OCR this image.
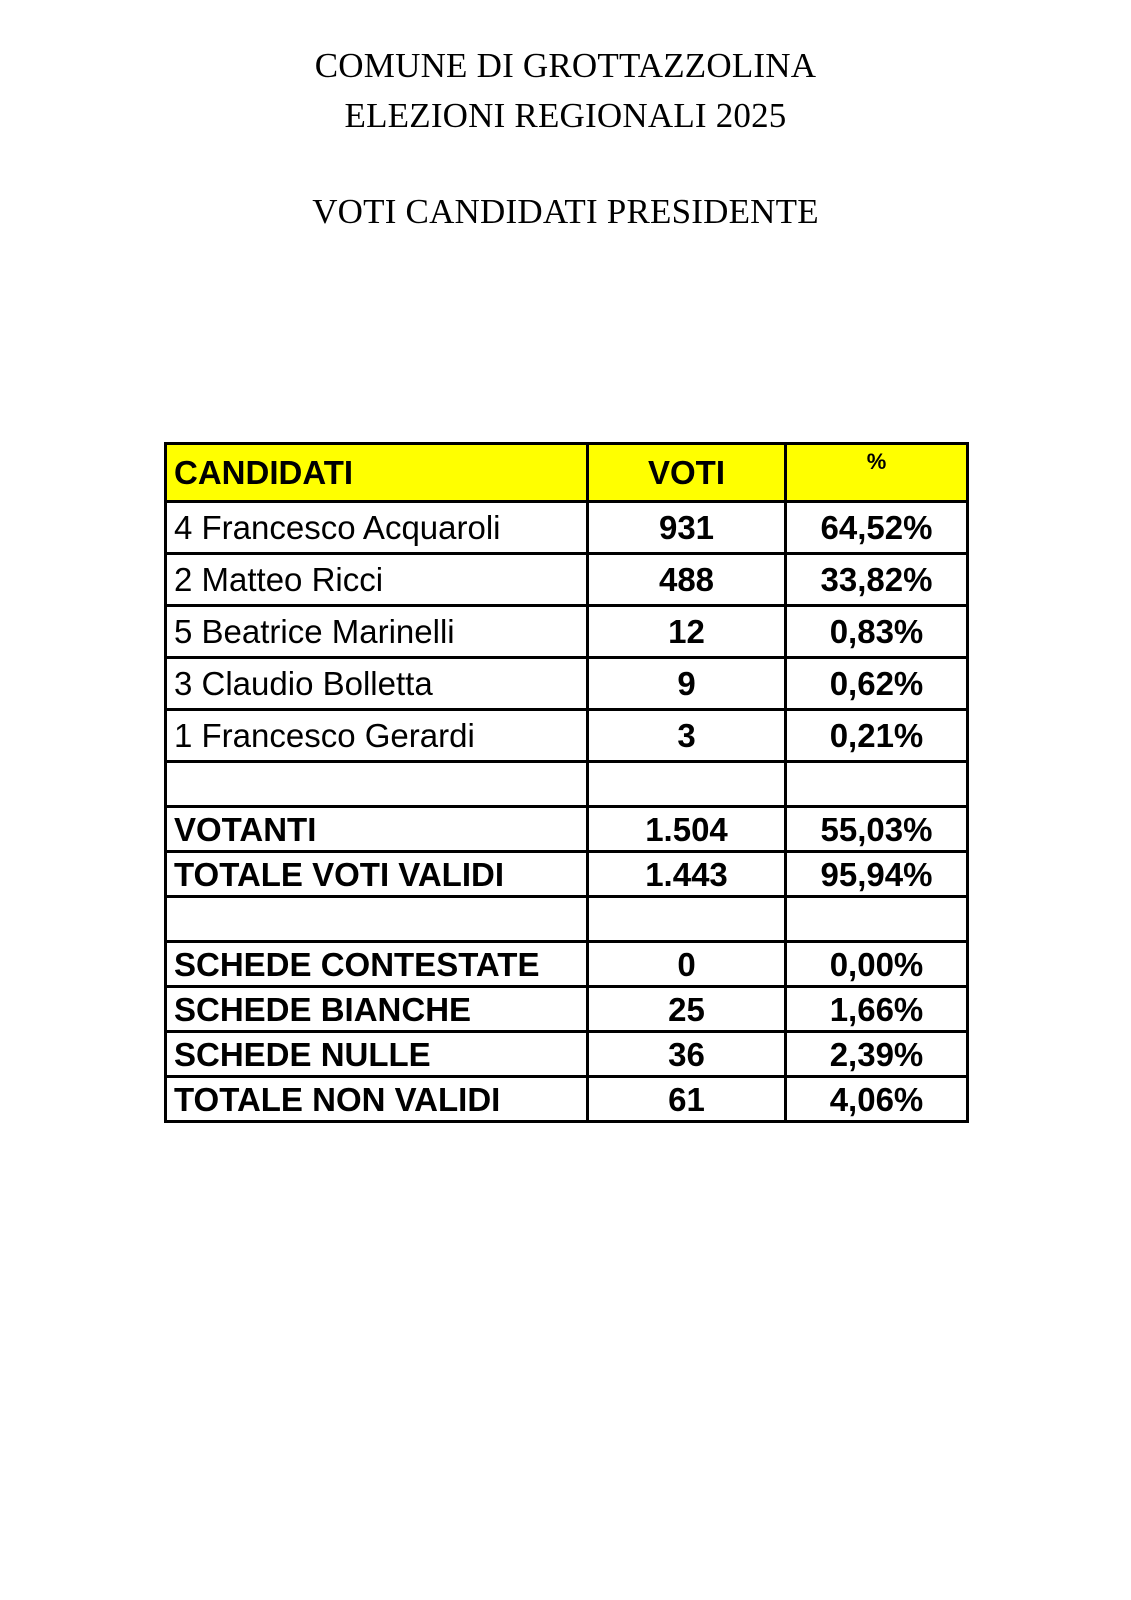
COMUNE DI GROTTAZZOLINA
ELEZIONI REGIONALI 2025
VOTI CANDIDATI PRESIDENTE
CANDIDATI	VOTI	%
4 Francesco Acquaroli	931	64,52%
2 Matteo Ricci	488	33,82%
5 Beatrice Marinelli	12	0,83%
3 Claudio Bolletta	9	0,62%
1 Francesco Gerardi	3	0,21%

VOTANTI	1.504	55,03%
TOTALE VOTI VALIDI	1.443	95,94%

SCHEDE CONTESTATE	0	0,00%
SCHEDE BIANCHE	25	1,66%
SCHEDE NULLE	36	2,39%
TOTALE NON VALIDI	61	4,06%
